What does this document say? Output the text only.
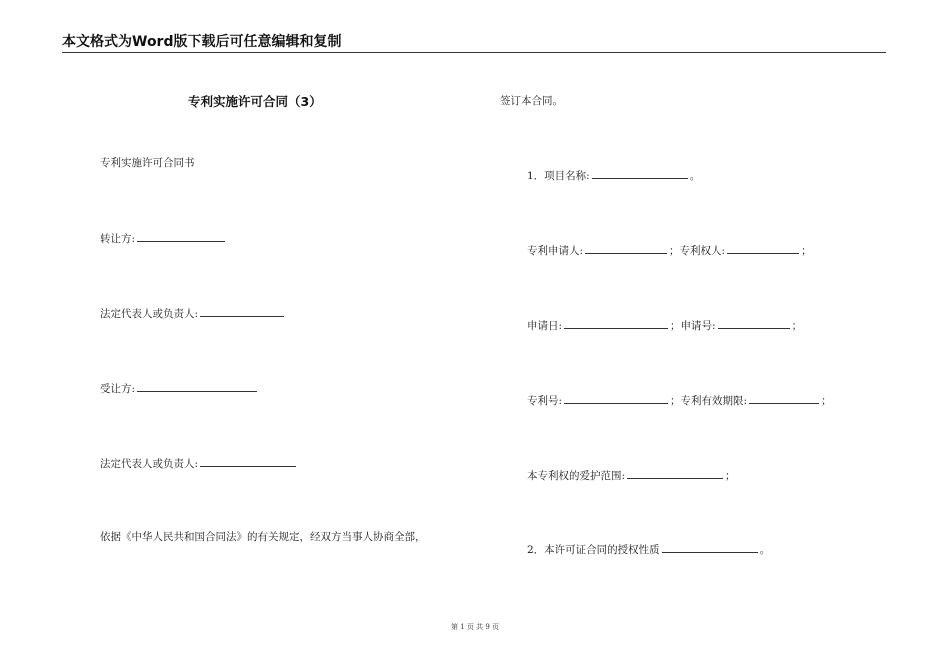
本文格式为Word版下载后可任意编辑和复制
专利实施许可合同（3）
专利实施许可合同书
转让方:
法定代表人或负责人:
受让方:
法定代表人或负责人:
依据《中华人民共和国合同法》的有关规定，经双方当事人协商全部，
签订本合同。
1．项目名称:	。
专利申请人:	；专利权人:	；
申请日:	；申请号:	；
专利号:	；专利有效期限:	；
本专利权的爱护范围:	；
2．本许可证合同的授权性质	。
第 1 页 共 9 页
